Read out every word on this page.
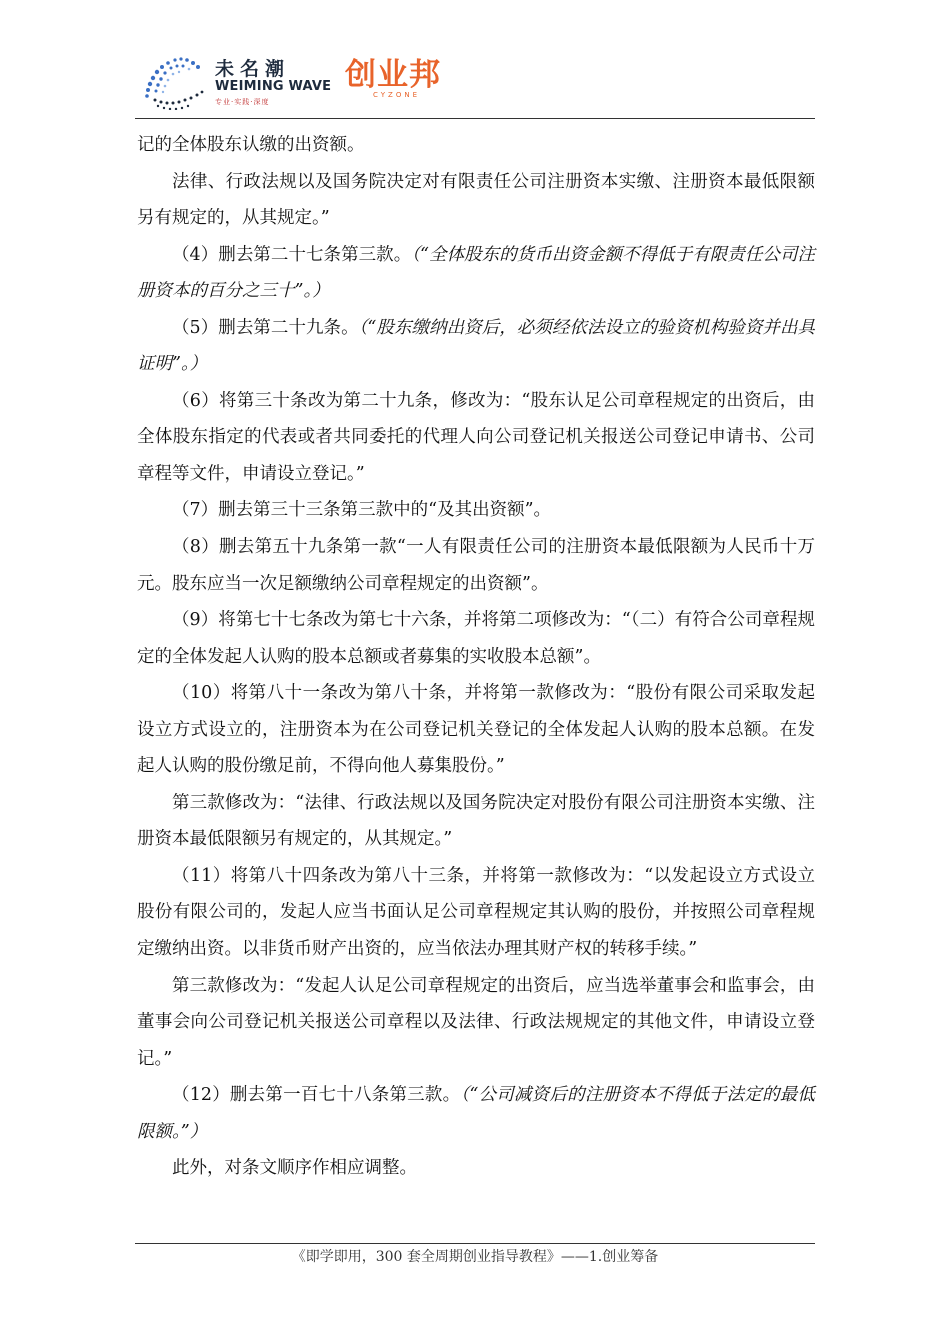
未名潮
WEIMING WAVE
专业·实践·深度
创业邦
CYZONE

记的全体股东认缴的出资额。

法律、行政法规以及国务院决定对有限责任公司注册资本实缴、注册资本最低限额另有规定的，从其规定。”

（4）删去第二十七条第三款。（“全体股东的货币出资金额不得低于有限责任公司注册资本的百分之三十”。）

（5）删去第二十九条。（“股东缴纳出资后，必须经依法设立的验资机构验资并出具证明”。）

（6）将第三十条改为第二十九条，修改为：“股东认足公司章程规定的出资后，由全体股东指定的代表或者共同委托的代理人向公司登记机关报送公司登记申请书、公司章程等文件，申请设立登记。”

（7）删去第三十三条第三款中的“及其出资额”。

（8）删去第五十九条第一款“一人有限责任公司的注册资本最低限额为人民币十万元。股东应当一次足额缴纳公司章程规定的出资额”。

（9）将第七十七条改为第七十六条，并将第二项修改为：“（二）有符合公司章程规定的全体发起人认购的股本总额或者募集的实收股本总额”。

（10）将第八十一条改为第八十条，并将第一款修改为：“股份有限公司采取发起设立方式设立的，注册资本为在公司登记机关登记的全体发起人认购的股本总额。在发起人认购的股份缴足前，不得向他人募集股份。”

第三款修改为：“法律、行政法规以及国务院决定对股份有限公司注册资本实缴、注册资本最低限额另有规定的，从其规定。”

（11）将第八十四条改为第八十三条，并将第一款修改为：“以发起设立方式设立股份有限公司的，发起人应当书面认足公司章程规定其认购的股份，并按照公司章程规定缴纳出资。以非货币财产出资的，应当依法办理其财产权的转移手续。”

第三款修改为：“发起人认足公司章程规定的出资后，应当选举董事会和监事会，由董事会向公司登记机关报送公司章程以及法律、行政法规规定的其他文件，申请设立登记。”

（12）删去第一百七十八条第三款。（“公司减资后的注册资本不得低于法定的最低限额。”）

此外，对条文顺序作相应调整。

《即学即用，300 套全周期创业指导教程》——1.创业筹备
